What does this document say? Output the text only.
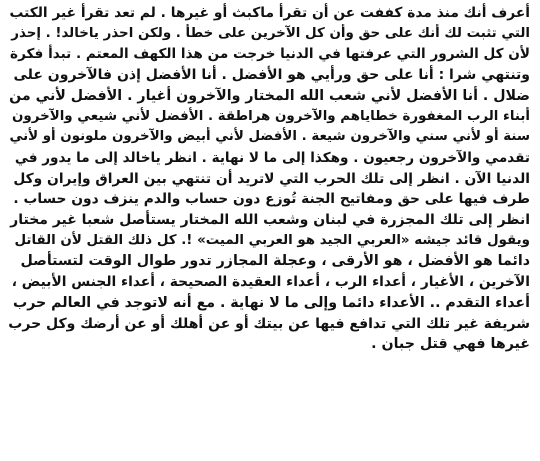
أعرف أنك منذ مدة كففت عن أن تقرأ ماكبث أو غيرها . لم تعد تقرأ غير الكتب
التي تثبت لك أنك على حق وأن كل الآخرين على خطأ . ولكن احذر ياخالد! . إحذر
لأن كل الشرور التي عرفتها في الدنيا خرجت من هذا الكهف المعتم . تبدأ فكرة
وتنتهي شرا : أنا على حق ورأيي هو الأفضل . أنا الأفضل إذن فالآخرون على
ضلال . أنا الأفضل لأني شعب الله المختار والآخرون أغيار . الأفضل لأني من
أبناء الرب المغفورة خطاياهم والآخرون هراطقة . الأفضل لأني شيعي والآخرون
سنة أو لأني سني والآخرون شيعة . الأفضل لأني أبيض والآخرون ملونون أو لأني
تقدمي والآخرون رجعيون . وهكذا إلى ما لا نهاية . انظر ياخالد إلى ما يدور في
الدنيا الآن . انظر إلى تلك الحرب التي لاتريد أن تنتهي بين العراق وإيران وكل
طرف فيها على حق ومفاتيح الجنة تُوزع دون حساب والدم ينزف دون حساب .
انظر إلى تلك المجزرة في لبنان وشعب الله المختار يستأصل شعبا غير مختار
ويقول قائد جيشه «العربي الجيد هو العربي الميت» !. كل ذلك القتل لأن القاتل
دائما هو الأفضل ، هو الأرقى ، وعجلة المجازر تدور طوال الوقت لتستأصل
الآخرين ، الأغيار ، أعداء الرب ، أعداء العقيدة الصحيحة ، أعداء الجنس الأبيض ،
أعداء التقدم .. الأعداء دائما وإلى ما لا نهاية . مع أنه لاتوجد في العالم حرب
شريفة غير تلك التي تدافع فيها عن بيتك أو عن أهلك أو عن أرضك وكل حرب
غيرها فهي قتل جبان .
